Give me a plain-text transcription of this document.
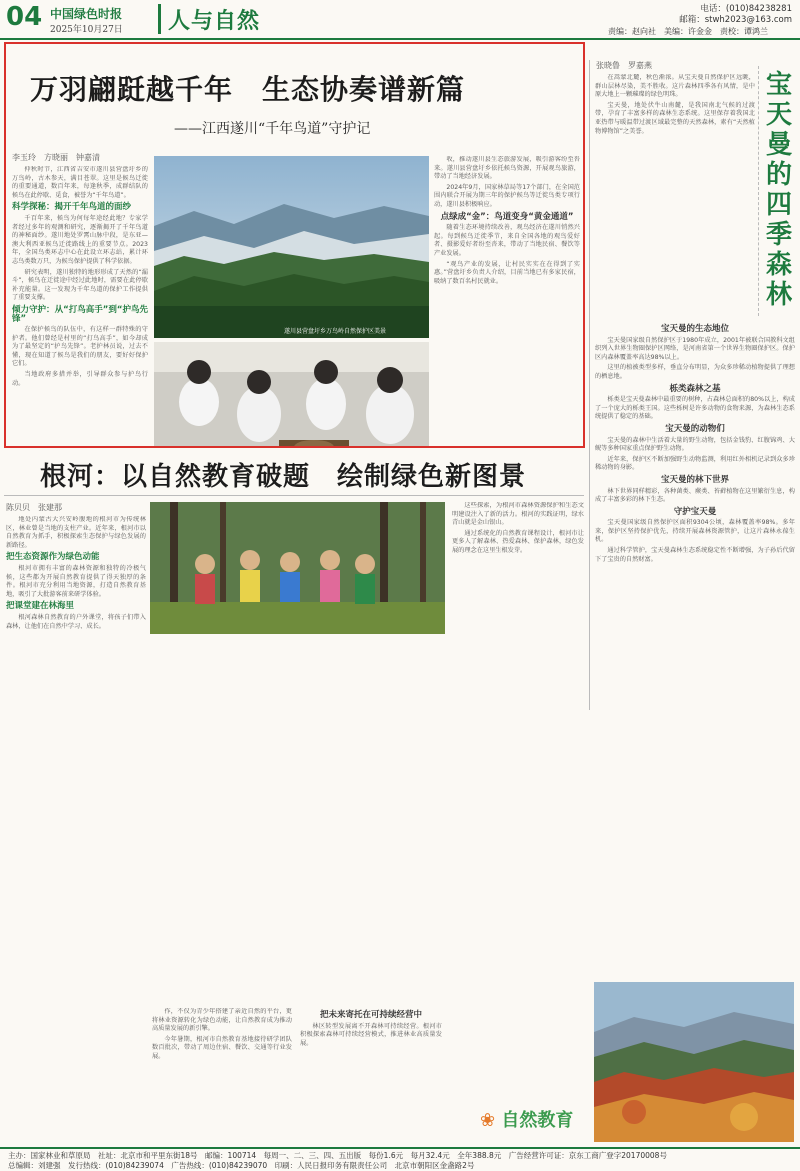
04 中国绿色时报
2025年10月27日 人与自然	电话：(010)84238281
邮箱：stwh2023@163.com
责编：赵向社　美编：许金金　责校：谭鸿兰
万羽翩跹越千年　生态协奏谱新篇
——江西遂川“千年鸟道”守护记
李玉玲　方晓丽　钟嘉清

仲秋时节，江西省吉安市遂川县营盘圩乡的万鸟岭，古木参天，满目苍翠。这里是候鸟迁徙的重要通道，数百年来，每逢秋季，成群结队的候鸟在此停歇、觅食，被誉为“千年鸟道”。

科学探秘：揭开千年鸟道的面纱

千百年来，候鸟为何每年途经此地？专家学者经过多年的观测和研究，逐渐揭开了千年鸟道的神秘面纱。遂川地处罗霄山脉中段，是东亚—澳大利西亚候鸟迁徙路线上的重要节点。2023年，全国鸟类环志中心在此设立环志站，累计环志鸟类数万只，为候鸟保护提供了科学依据。

研究表明，遂川独特的地形形成了天然的“漏斗”，候鸟在迁徙途中经过此地时，需要在此停歇补充能量。这一发现为千年鸟道的保护工作提供了重要支撑。

倾力守护：从“打鸟高手”到“护鸟先锋”

在保护候鸟的队伍中，有这样一群特殊的守护者。他们曾经是村里的“打鸟高手”，如今却成为了最坚定的“护鸟先锋”。老护林员说，过去不懂，现在知道了候鸟是我们的朋友，要好好保护它们。

当地政府多措并举，引导群众参与护鸟行动。

遂川县营盘圩乡万鸟岭自然保护区美景

收，推动遂川县生态旅游发展，吸引游客纷至沓来。遂川县营盘圩乡依托候鸟资源，开展观鸟旅游，带动了当地经济发展。

2024年9月，国家林草局等17个部门，在全国范围内联合开展为期三年的保护候鸟等迁徙鸟类专项行动，遂川县积极响应。

点绿成“金”：鸟道变身“黄金通道”

随着生态环境持续改善，观鸟经济在遂川悄然兴起。每到候鸟迁徙季节，来自全国各地的观鸟爱好者、摄影爱好者纷至沓来，带动了当地民宿、餐饮等产业发展。

“观鸟产业的发展，让村民实实在在得到了实惠。”营盘圩乡负责人介绍，目前当地已有多家民宿，吸纳了数百名村民就业。

张晓鲁　罗嘉燕
宝天曼的四季森林

在嵩蒙北麓，秋色渐浓。从宝天曼自然保护区远眺，群山层林尽染，美不胜收。这片森林四季各有风情，是中原大地上一颗璀璨的绿色明珠。

宝天曼，地处伏牛山南麓，是我国南北气候的过渡带，孕育了丰富多样的森林生态系统。这里保存着我国北亚热带与暖温带过渡区域最完整的天然森林，素有“天然植物博物馆”之美誉。

宝天曼的生态地位

宝天曼国家级自然保护区于1980年成立，2001年被联合国教科文组织列入世界生物圈保护区网络，是河南省第一个世界生物圈保护区。保护区内森林覆盖率高达98%以上。

这里的植被类型多样，垂直分布明显，为众多珍稀动植物提供了理想的栖息地。

栎类森林之基

栎类是宝天曼森林中最重要的树种，占森林总面积的80%以上，构成了一个庞大的栎类王国。这些栎树是许多动物的食物来源，为森林生态系统提供了稳定的基础。

宝天曼的动物们

宝天曼的森林中生活着大量的野生动物，包括金钱豹、红腹锦鸡、大鲵等多种国家重点保护野生动物。

近年来，保护区不断加强野生动物监测，利用红外相机记录到众多珍稀动物的身影。

宝天曼的林下世界

林下世界同样精彩，各种菌类、蕨类、苔藓植物在这里繁衍生息，构成了丰富多彩的林下生态。

守护宝天曼

宝天曼国家级自然保护区面积9304公顷，森林覆盖率98%。多年来，保护区坚持保护优先，持续开展森林资源管护，让这片森林永葆生机。

通过科学管护，宝天曼森林生态系统稳定性不断增强，为子孙后代留下了宝贵的自然财富。

根河：以自然教育破题　绘制绿色新图景
陈贝贝　张建那

地处内蒙古大兴安岭腹地的根河市为传统林区，林业曾是当地的支柱产业。近年来，根河市以自然教育为抓手，积极探索生态保护与绿色发展的新路径。

把生态资源作为绿色动能

根河市拥有丰富的森林资源和独特的冷极气候，这些都为开展自然教育提供了得天独厚的条件。根河市充分利用当地资源，打造自然教育基地，吸引了大批游客前来研学体验。

把课堂建在林海里

根河森林自然教育的户外课堂，将孩子们带入森林，让他们在自然中学习、成长。

作，不仅为青少年搭建了亲近自然的平台，更将林业资源转化为绿色动能，让自然教育成为推动高质量发展的新引擎。

今年暑期，根河市自然教育基地接待研学团队数百批次，带动了周边住宿、餐饮、交通等行业发展。

把未来寄托在可持续经营中

林区转型发展离不开森林可持续经营。根河市积极探索森林可持续经营模式，推进林业高质量发展。

这些探索，为根河市森林资源保护和生态文明建设注入了新的活力。根河的实践证明，绿水青山就是金山银山。

通过系统化的自然教育课程设计，根河市让更多人了解森林、热爱森林、保护森林，绿色发展的理念在这里生根发芽。

❀ 自然教育
主办：国家林业和草原局　社址：北京市和平里东街18号　邮编：100714　每周一、二、三、四、五出版　每份1.6元　每月32.4元　全年388.8元　广告经营许可证：京东工商广登字20170008号
总编辑：刘建强　发行热线：(010)84239074　广告热线：(010)84239070　印刷：人民日报印务有限责任公司　北京市朝阳区金盏路2号
